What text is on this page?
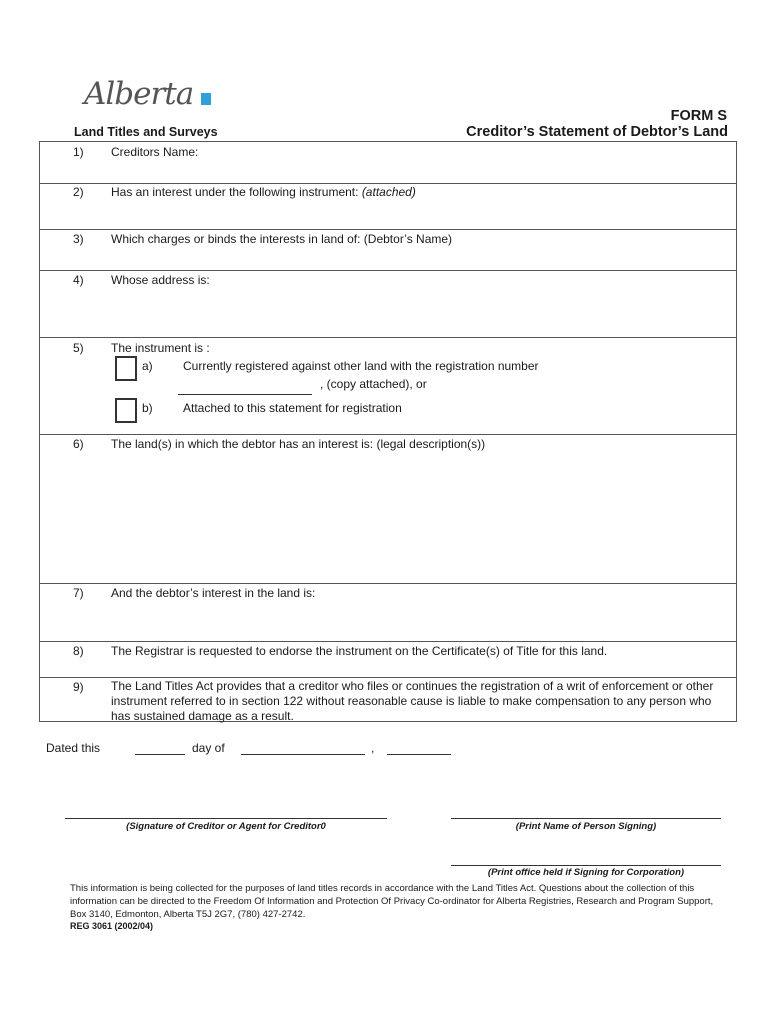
Alberta
Land Titles and Surveys
FORM S
Creditor’s Statement of Debtor’s Land
1) Creditors Name:
2) Has an interest under the following instrument: (attached)
3) Which charges or binds the interests in land of: (Debtor’s Name)
4) Whose address is:
5) The instrument is :
a)	Currently registered against other land with the registration number
, (copy attached), or
b)	Attached to this statement for registration
6) The land(s) in which the debtor has an interest is: (legal description(s))
7) And the debtor’s interest in the land is:
8) The Registrar is requested to endorse the instrument on the Certificate(s) of Title for this land.
9) The Land Titles Act provides that a creditor who files or continues the registration of a writ of enforcement or other instrument referred to in section 122 without reasonable cause is liable to make compensation to any person who has sustained damage as a result.
Dated this	day of	,
(Signature of Creditor or Agent for Creditor0	(Print Name of Person Signing)
(Print office held if Signing for Corporation)
This information is being collected for the purposes of land titles records in accordance with the Land Titles Act. Questions about the collection of this information can be directed to the Freedom Of Information and Protection Of Privacy Co-ordinator for Alberta Registries, Research and Program Support, Box 3140, Edmonton, Alberta T5J 2G7, (780) 427-2742.
REG 3061 (2002/04)
